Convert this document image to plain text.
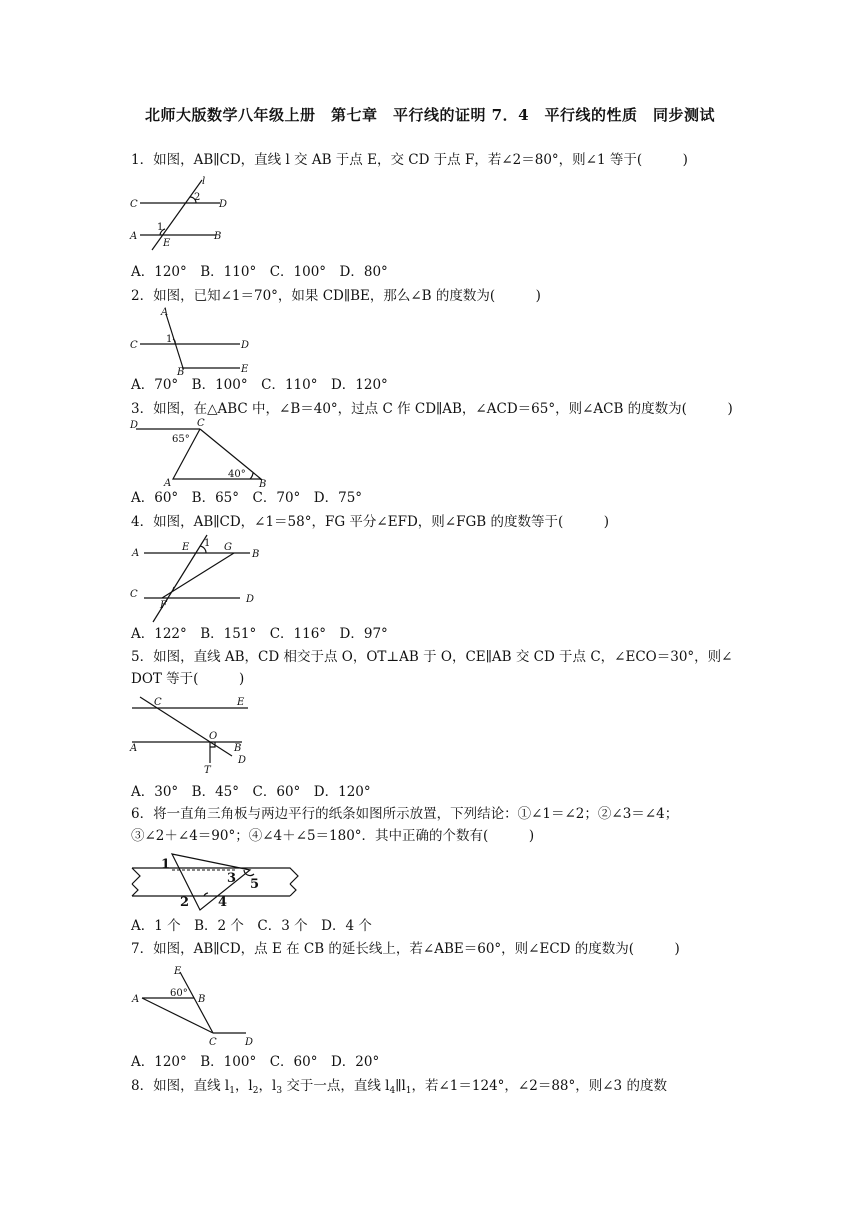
北师大版数学八年级上册　第七章　平行线的证明 7．4　平行线的性质　同步测试
1．如图，AB∥CD，直线 l 交 AB 于点 E，交 CD 于点 F，若∠2＝80°，则∠1 等于(　　　)
C	D
A	B
E
l
1
2
A．120°　B．110°　C．100°　D．80°
2．如图，已知∠1＝70°，如果 CD∥BE，那么∠B 的度数为(　　　)
A
C	D
B	E
1
A．70°　B．100°　C．110°　D．120°
3．如图，在△ABC 中，∠B＝40°，过点 C 作 CD∥AB，∠ACD＝65°，则∠ACB 的度数为(　　　)
D	C
65°
A
40°
B
A．60°　B．65°　C．70°　D．75°
4．如图，AB∥CD，∠1＝58°，FG 平分∠EFD，则∠FGB 的度数等于(　　　)
A
E 1 G
B
C
F
D
A．122°　B．151°　C．116°　D．97°
5．如图，直线 AB，CD 相交于点 O，OT⊥AB 于 O，CE∥AB 交 CD 于点 C，∠ECO＝30°，则∠
DOT 等于(　　　)
C	E
O
A	B
D
T
A．30°　B．45°　C．60°　D．120°
6．将一直角三角板与两边平行的纸条如图所示放置，下列结论：①∠1＝∠2；②∠3＝∠4；
③∠2＋∠4＝90°；④∠4＋∠5＝180°．其中正确的个数有(　　　)
1
2
3
4
5
A．1 个　B．2 个　C．3 个　D．4 个
7．如图，AB∥CD，点 E 在 CB 的延长线上，若∠ABE＝60°，则∠ECD 的度数为(　　　)
E
A
60°
B
C	D
A．120°　B．100°　C．60°　D．20°
8．如图，直线 $l_1$，$l_2$，$l_3$ 交于一点，直线 $l_4\parallel l_1$，若∠1＝124°，∠2＝88°，则∠3 的度数
